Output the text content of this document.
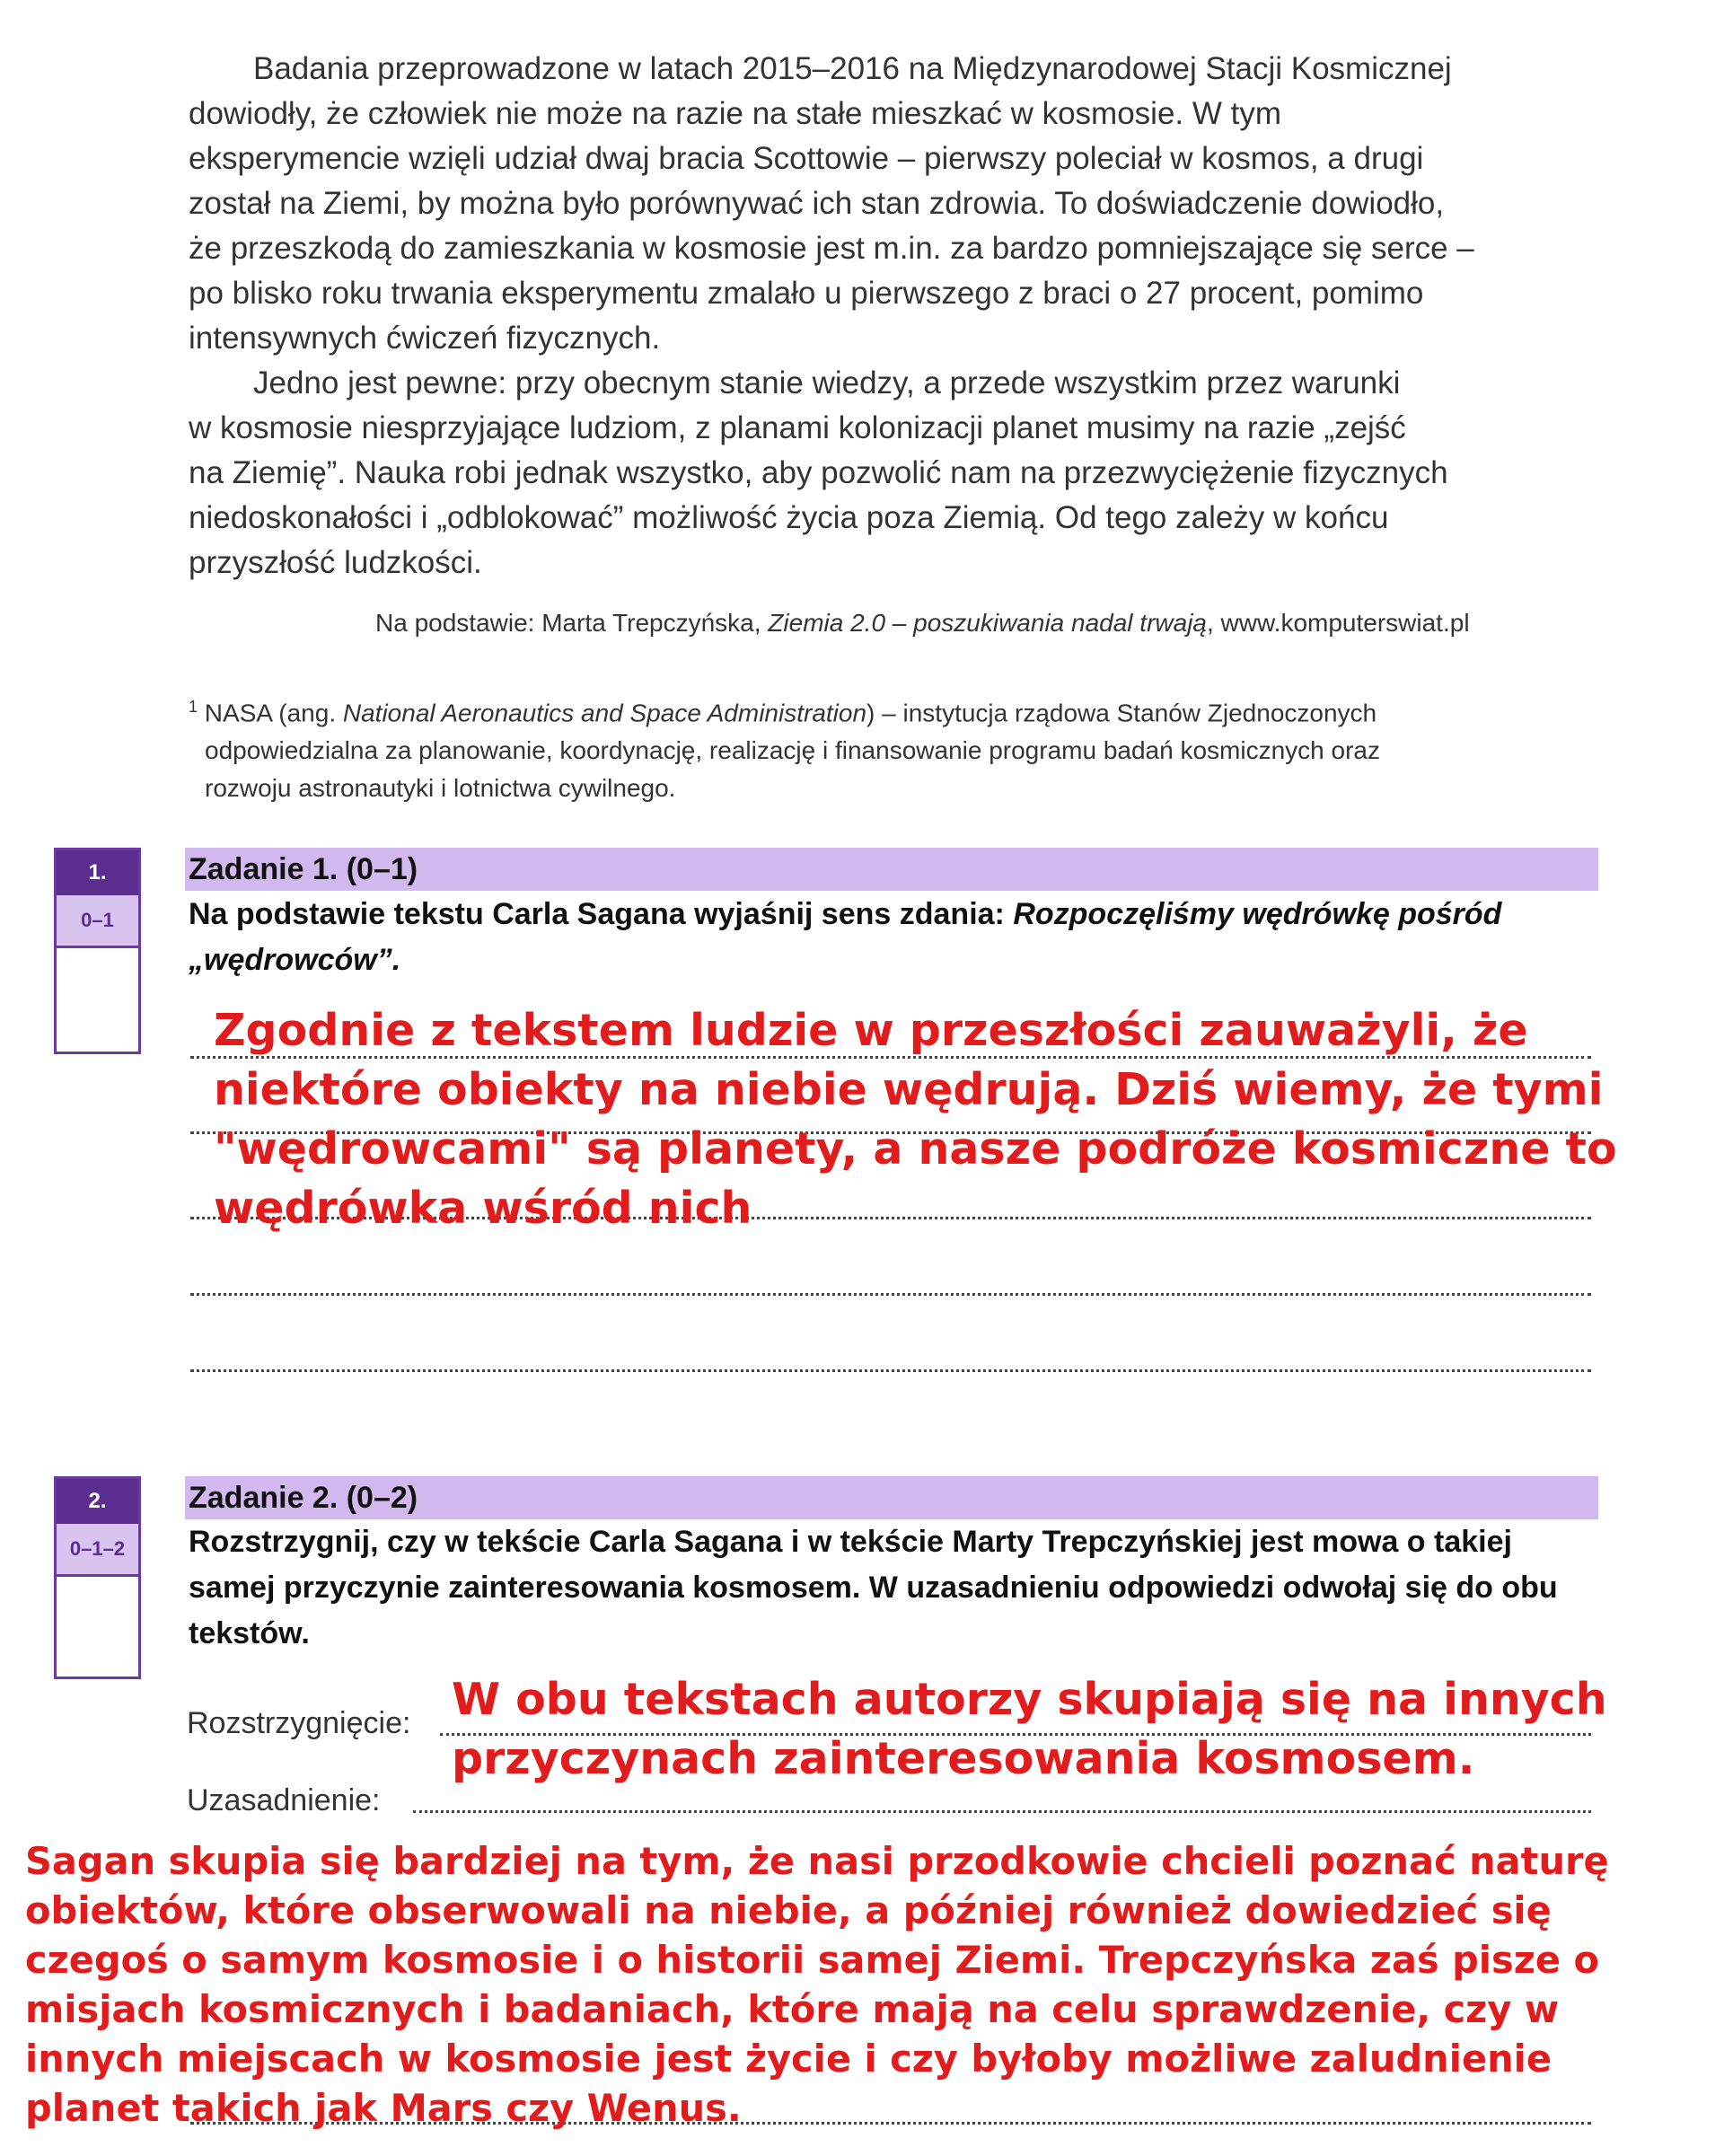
Badania przeprowadzone w latach 2015–2016 na Międzynarodowej Stacji Kosmicznej
dowiodły, że człowiek nie może na razie na stałe mieszkać w kosmosie. W tym
eksperymencie wzięli udział dwaj bracia Scottowie – pierwszy poleciał w kosmos, a drugi
został na Ziemi, by można było porównywać ich stan zdrowia. To doświadczenie dowiodło,
że przeszkodą do zamieszkania w kosmosie jest m.in. za bardzo pomniejszające się serce –
po blisko roku trwania eksperymentu zmalało u pierwszego z braci o 27 procent, pomimo
intensywnych ćwiczeń fizycznych.
Jedno jest pewne: przy obecnym stanie wiedzy, a przede wszystkim przez warunki
w kosmosie niesprzyjające ludziom, z planami kolonizacji planet musimy na razie „zejść
na Ziemię”. Nauka robi jednak wszystko, aby pozwolić nam na przezwyciężenie fizycznych
niedoskonałości i „odblokować” możliwość życia poza Ziemią. Od tego zależy w końcu
przyszłość ludzkości.
Na podstawie: Marta Trepczyńska, Ziemia 2.0 – poszukiwania nadal trwają, www.komputerswiat.pl
$^1$ NASA (ang. National Aeronautics and Space Administration) – instytucja rządowa Stanów Zjednoczonych
odpowiedzialna za planowanie, koordynację, realizację i finansowanie programu badań kosmicznych oraz
rozwoju astronautyki i lotnictwa cywilnego.
1.
0–1
Zadanie 1. (0–1)
Na podstawie tekstu Carla Sagana wyjaśnij sens zdania: Rozpoczęliśmy wędrówkę pośród „wędrowców”.
Zgodnie z tekstem ludzie w przeszłości zauważyli, że
niektóre obiekty na niebie wędrują. Dziś wiemy, że tymi
"wędrowcami" są planety, a nasze podróże kosmiczne to
wędrówka wśród nich
2.
0–1–2
Zadanie 2. (0–2)
Rozstrzygnij, czy w tekście Carla Sagana i w tekście Marty Trepczyńskiej jest mowa o takiej samej przyczynie zainteresowania kosmosem. W uzasadnieniu odpowiedzi odwołaj się do obu tekstów.
Rozstrzygnięcie:
Uzasadnienie:
W obu tekstach autorzy skupiają się na innych
przyczynach zainteresowania kosmosem.
Sagan skupia się bardziej na tym, że nasi przodkowie chcieli poznać naturę
obiektów, które obserwowali na niebie, a później również dowiedzieć się
czegoś o samym kosmosie i o historii samej Ziemi. Trepczyńska zaś pisze o
misjach kosmicznych i badaniach, które mają na celu sprawdzenie, czy w
innych miejscach w kosmosie jest życie i czy byłoby możliwe zaludnienie
planet takich jak Mars czy Wenus.
